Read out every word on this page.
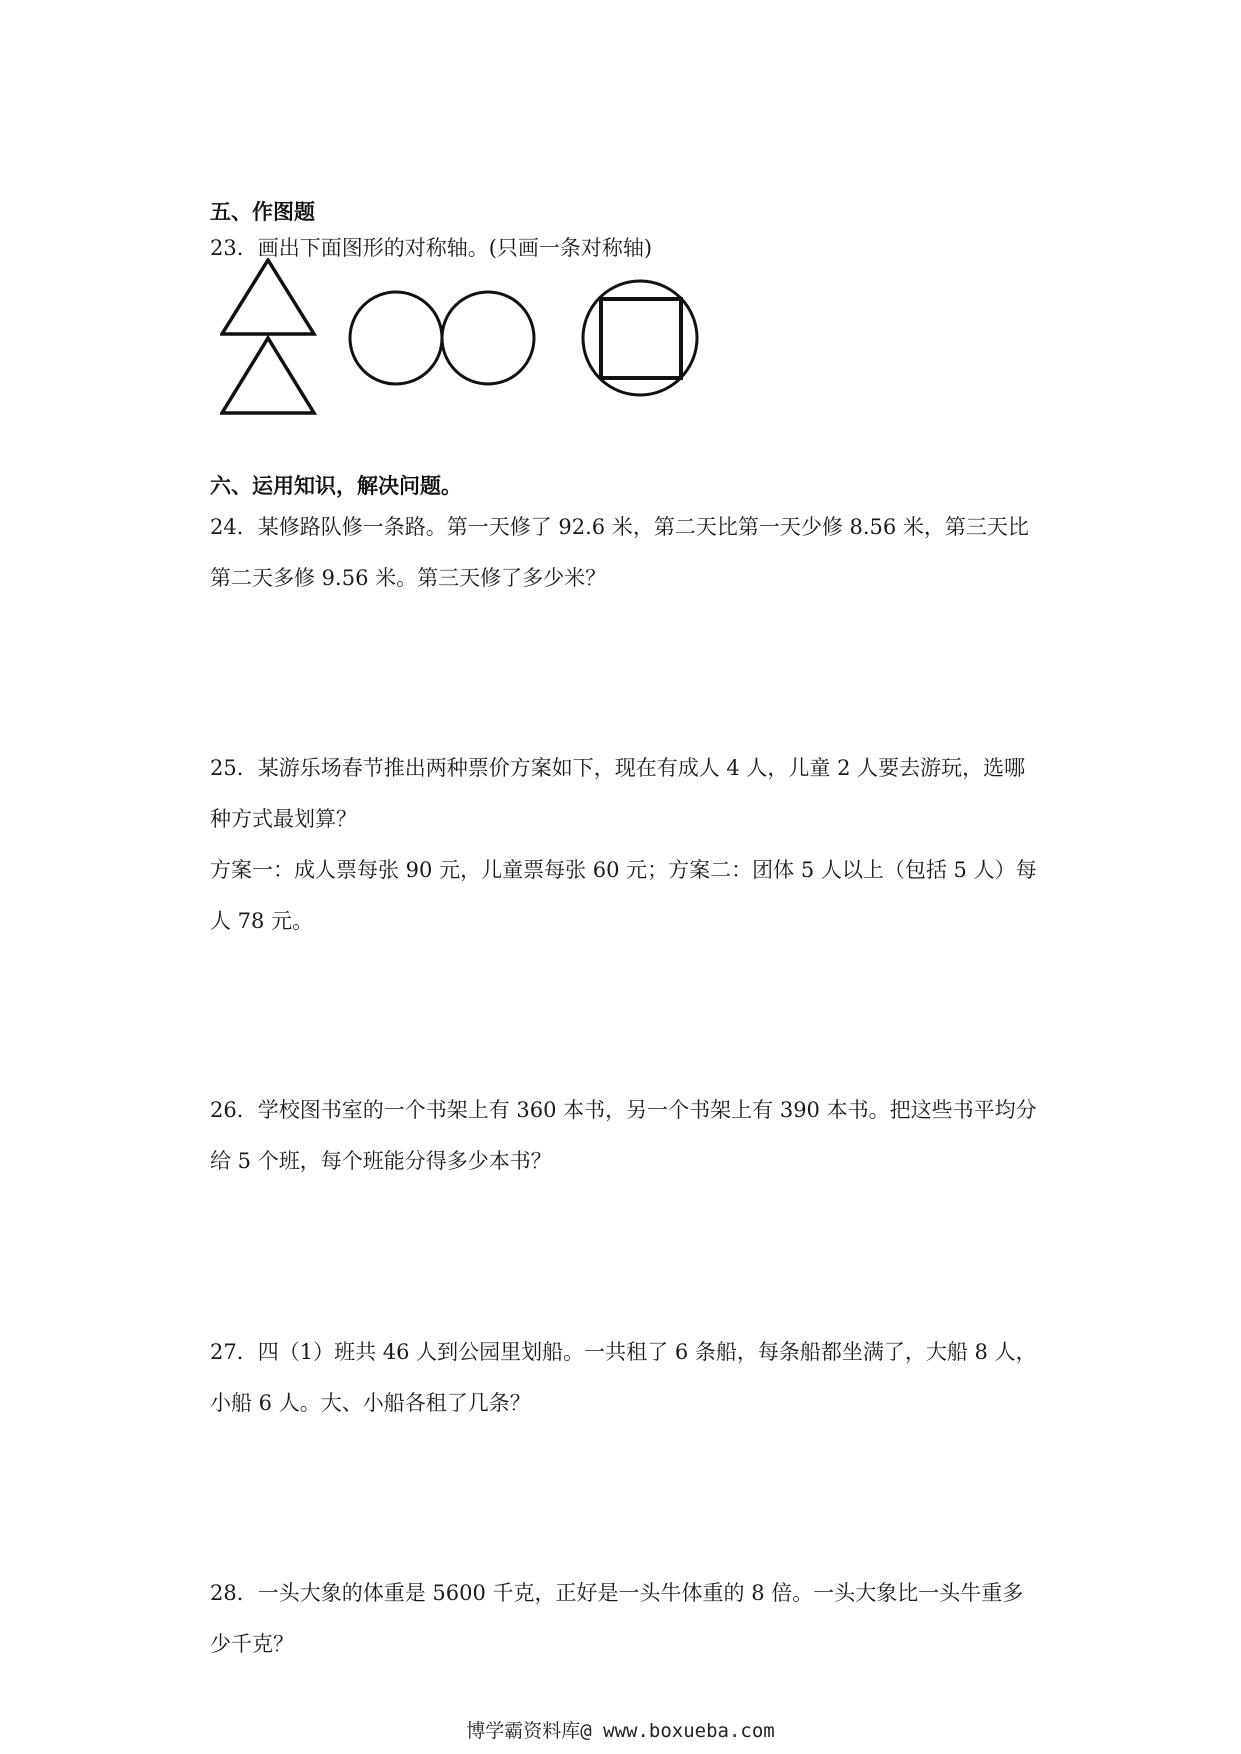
五、作图题
23．画出下面图形的对称轴。(只画一条对称轴)
六、运用知识，解决问题。
24．某修路队修一条路。第一天修了 92.6 米，第二天比第一天少修 8.56 米，第三天比
第二天多修 9.56 米。第三天修了多少米？
25．某游乐场春节推出两种票价方案如下，现在有成人 4 人，儿童 2 人要去游玩，选哪
种方式最划算？
方案一：成人票每张 90 元，儿童票每张 60 元；方案二：团体 5 人以上（包括 5 人）每
人 78 元。
26．学校图书室的一个书架上有 360 本书，另一个书架上有 390 本书。把这些书平均分
给 5 个班，每个班能分得多少本书？
27．四（1）班共 46 人到公园里划船。一共租了 6 条船，每条船都坐满了，大船 8 人，
小船 6 人。大、小船各租了几条？
28．一头大象的体重是 5600 千克，正好是一头牛体重的 8 倍。一头大象比一头牛重多
少千克？
博学霸资料库@ www.boxueba.com
